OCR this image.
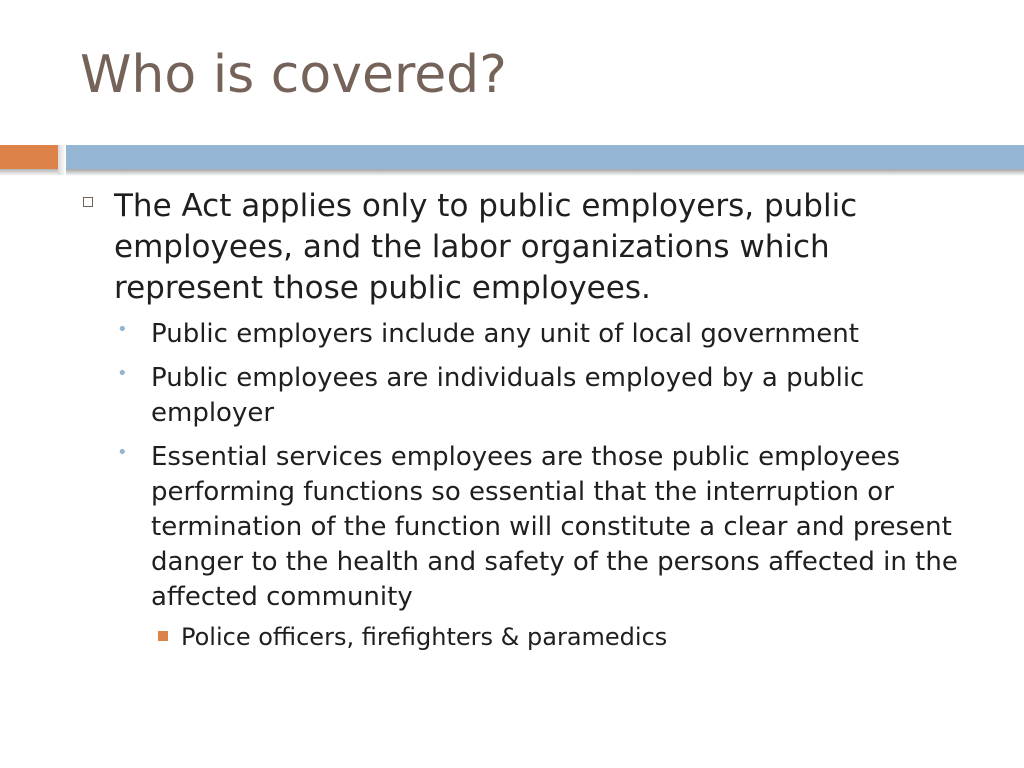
Who is covered?
The Act applies only to public employers, public employees, and the labor organizations which represent those public employees.
• Public employers include any unit of local government
• Public employees are individuals employed by a public employer
• Essential services employees are those public employees performing functions so essential that the interruption or termination of the function will constitute a clear and present danger to the health and safety of the persons affected in the affected community
Police officers, firefighters & paramedics
